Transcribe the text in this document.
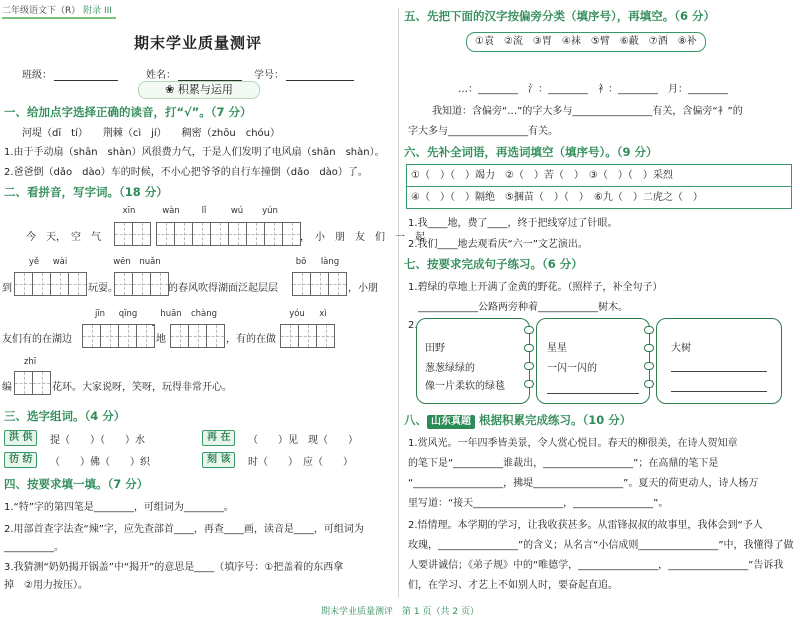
二年级语文下（R） 附录 III
期末学业质量测评
班级：	姓名：	学号：
❀ 积累与运用
一、给加点字选择正确的读音，打“√”。（7 分）
河堤（dī　tí）　　荆棘（cì　jí）　　稠密（zhōu　chóu）
1.由于手动扇（shān　shàn）风很费力气，于是人们发明了电风扇（shān　shàn）。
2.爸爸倒（dǎo　dào）车的时候，不小心把爷爷的自行车撞倒（dǎo　dào）了。
二、看拼音，写字词。（18 分）
xīn	wàn	lǐ	wú	yún
今　天，　空　气	，　小　朋　友　们　一　起
yě	wài	wēn	nuǎn	bō	làng
到	玩耍。	的春风吹得湖面泛起层层	，小朋
jīn	qīng	huān	chàng	yóu	xì
友们有的在湖边	地	，有的在做
zhī
编	花环。大家说呀，笑呀，玩得非常开心。
三、选字组词。（4 分）
洪 供	提（　　）（　　）水	再 在	（　　）见　现（　　）
彷 纺	（　　）佛（　　）织	刻 该	时（　　）　应（　　）
四、按要求填一填。（7 分）
1.“特”字的第四笔是________，可组词为________。
2.用部首查字法查“辣”字，应先查部首____，再查____画，读音是____，可组词为
__________。
3.我猜测“奶奶揭开锅盖”中“揭开”的意思是____（填序号：①把盖着的东西拿
掉　②用力按压）。
五、先把下面的汉字按偏旁分类（填序号），再填空。（6 分）
①袁　②流　③胃　④袜　⑤臂　⑥蔽　⑦酒　⑧补
…：________　氵：________　衤：________　月：________
我知道：含偏旁“…”的字大多与________________有关，含偏旁“衤”的
字大多与________________有关。
六、先补全词语，再选词填空（填序号）。（9 分）
①（　）（　）竭力　②（　）苦（　）　③（　）（　）采烈
④（　）（　）隔绝　⑤捆苗（　）（　）　⑥九（　）二虎之（　）
1.我____地，费了____，终于把线穿过了针眼。
2.我们____地去观看庆“六一”文艺演出。
七、按要求完成句子练习。（6 分）
1.碧绿的草地上开满了金黄的野花。（照样子，补全句子）
____________公路两旁种着____________树木。
2.
田野
葱葱绿绿的
像一片柔软的绿毯
星星
一闪一闪的
大树
八、 山东真题 根据积累完成练习。（10 分）
1.赏风光。一年四季皆美景，令人赏心悦目。春天的柳很美，在诗人贺知章
的笔下是“__________谁裁出，__________________”；在高鼎的笔下是
“__________________，拂堤__________________”。夏天的荷更动人，诗人杨万
里写道：“接天__________________，________________”。
2.悟情理。本学期的学习，让我收获甚多。从雷锋叔叔的故事里，我体会到“予人
玫瑰，________________”的含义；从名言“小信成则________________”中，我懂得了做
人要讲诚信；《弟子规》中的“唯德学，________________，________________”告诉我
们，在学习、才艺上不如别人时，要奋起直追。
期末学业质量测评　第 1 页（共 2 页）
